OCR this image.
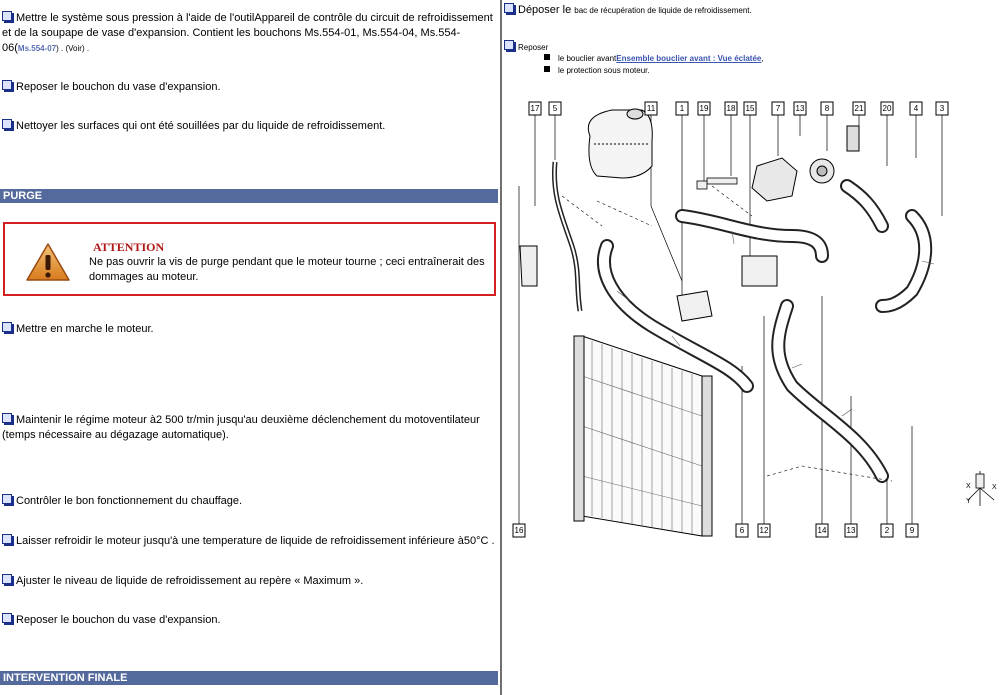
Mettre le système sous pression à l'aide de l'outilAppareil de contrôle du circuit de refroidissement et de la soupape de vase d'expansion. Contient les bouchons Ms.554-01, Ms.554-04, Ms.554-06(Ms.554-07) . (Voir) .
Reposer le bouchon du vase d'expansion.
Nettoyer les surfaces qui ont été souillées par du liquide de refroidissement.
PURGE
ATTENTION
Ne pas ouvrir la vis de purge pendant que le moteur tourne ; ceci entraînerait des dommages au moteur.
Mettre en marche le moteur.
Maintenir le régime moteur à2 500 tr/min jusqu'au deuxième déclenchement du motoventilateur (temps nécessaire au dégazage automatique).
Contrôler le bon fonctionnement du chauffage.
Laisser refroidir le moteur jusqu'à une temperature de liquide de refroidissement inférieure à50°C .
Ajuster le niveau de liquide de refroidissement au repère « Maximum ».
Reposer le bouchon du vase d'expansion.
INTERVENTION FINALE
Déposer le bac de récupération de liquide de refroidissement.
Reposer
le bouclier avantEnsemble bouclier avant : Vue éclatée,
le protection sous moteur.
17 5	11	1 19 18 15	7 13	8	21 20	4	3
16	6 12	14	13	2	9
X
Y
X
